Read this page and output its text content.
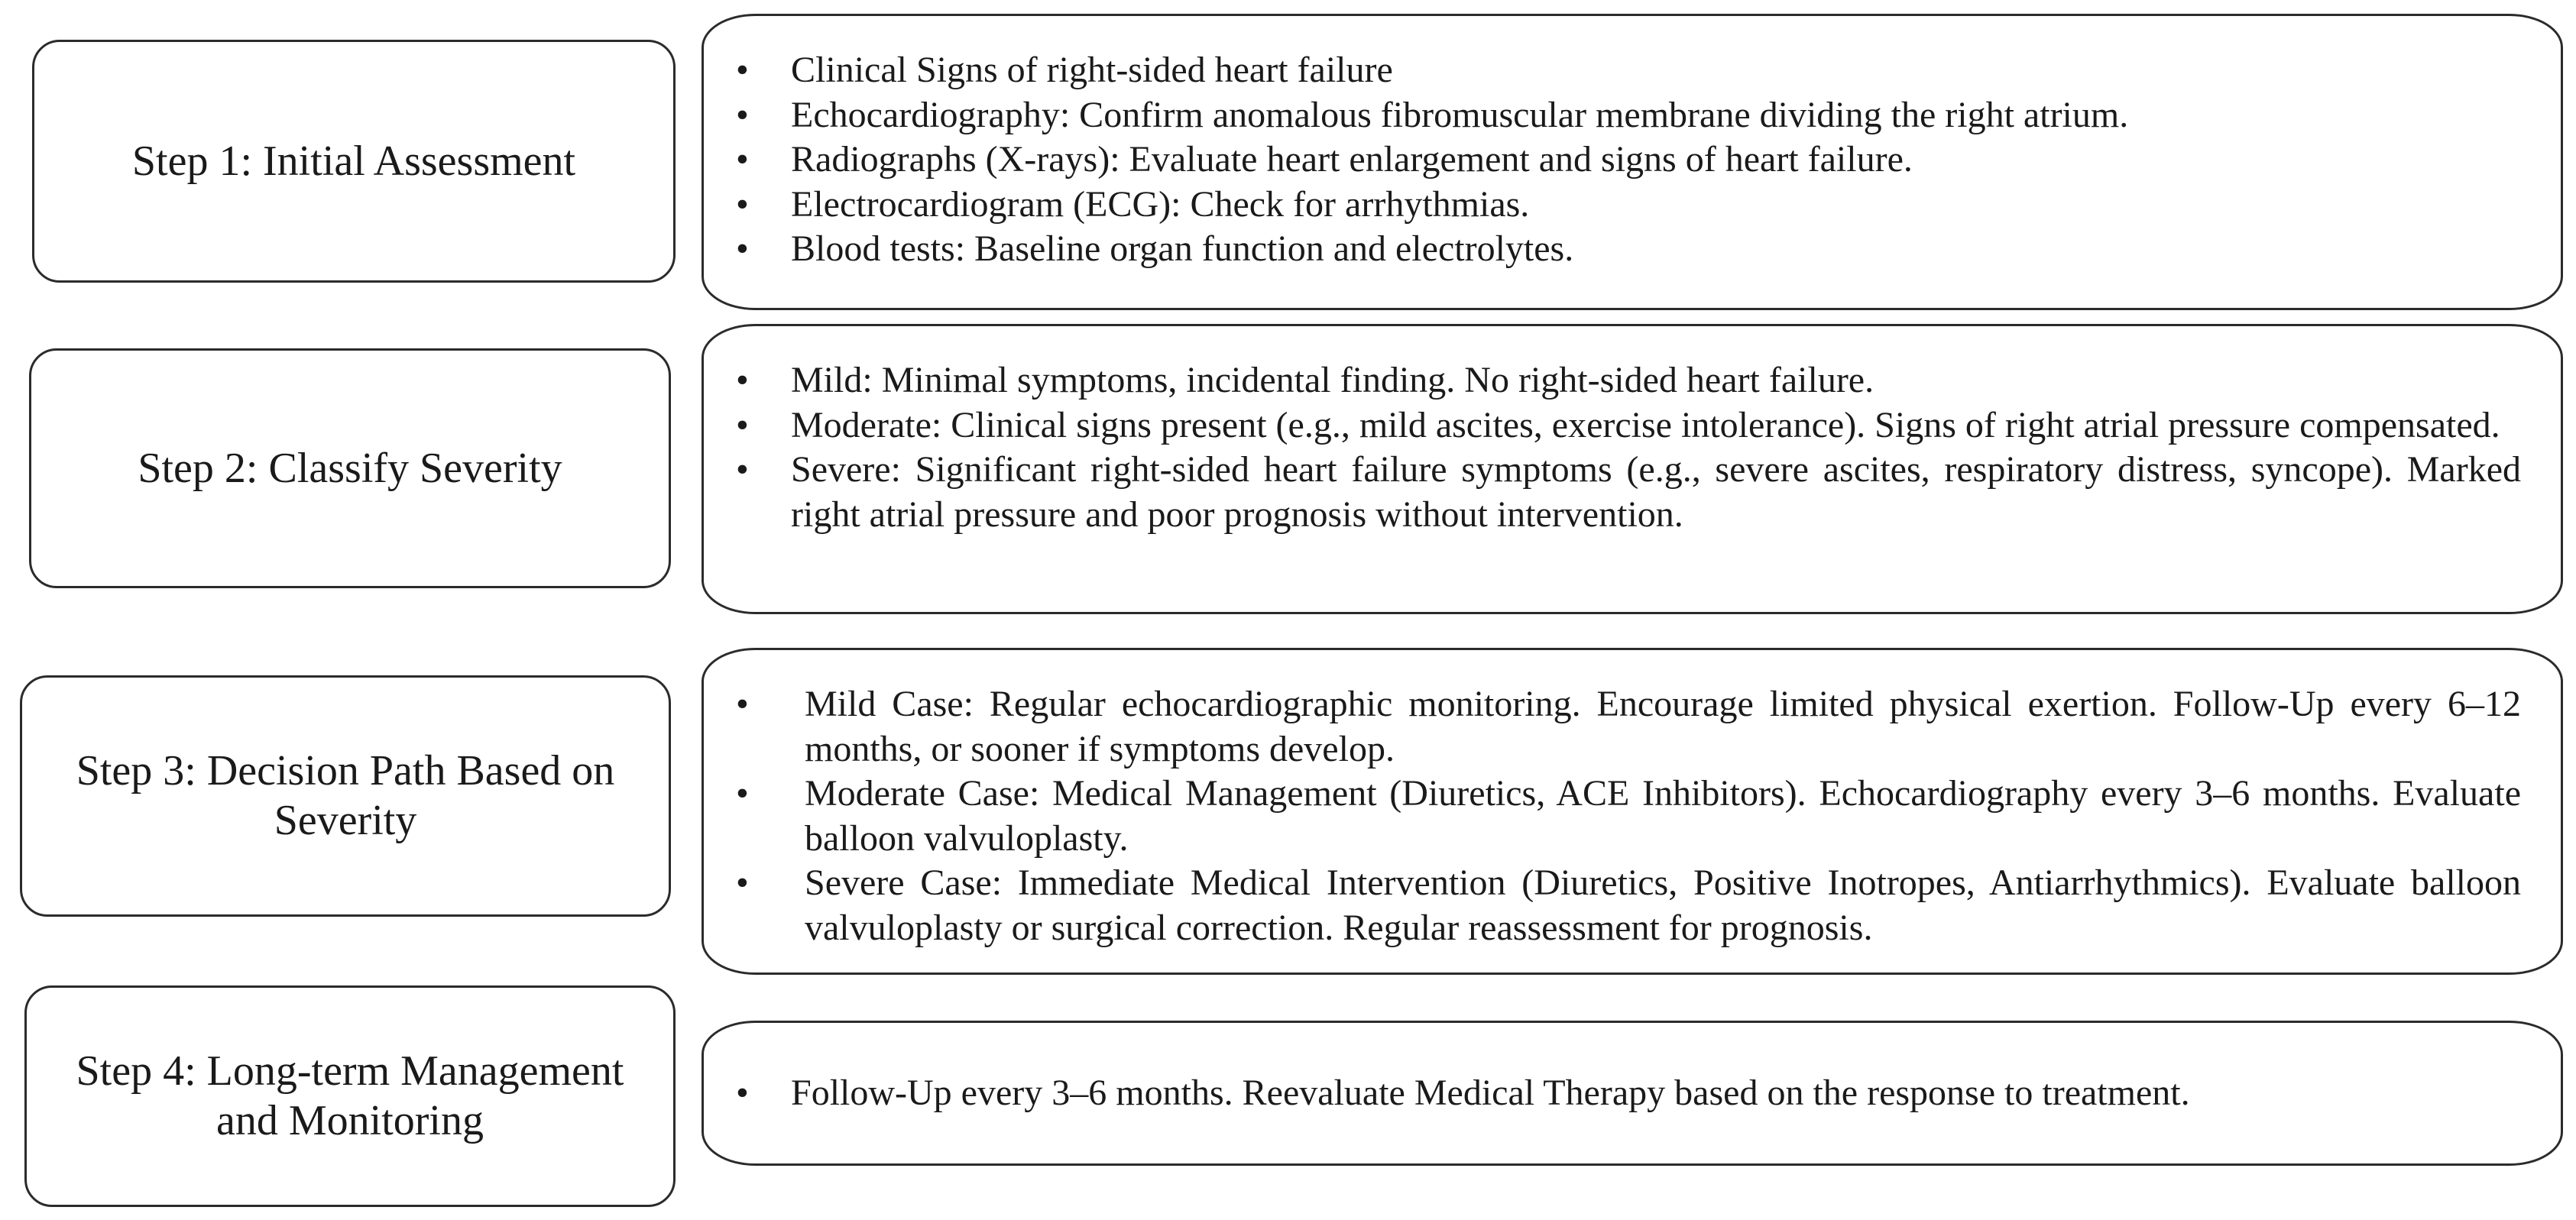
Step 1: Initial Assessment
• Clinical Signs of right-sided heart failure
• Echocardiography: Confirm anomalous fibromuscular membrane dividing the right atrium.
• Radiographs (X-rays): Evaluate heart enlargement and signs of heart failure.
• Electrocardiogram (ECG): Check for arrhythmias.
• Blood tests: Baseline organ function and electrolytes.
Step 2: Classify Severity
• Mild: Minimal symptoms, incidental finding. No right-sided heart failure.
• Moderate: Clinical signs present (e.g., mild ascites, exercise intolerance). Signs of right atrial pressure compensated.
• Severe: Significant right-sided heart failure symptoms (e.g., severe ascites, respiratory distress, syncope). Marked right atrial pressure and poor prognosis without intervention.
Step 3: Decision Path Based on Severity
• Mild Case: Regular echocardiographic monitoring. Encourage limited physical exertion. Follow-Up every 6–12 months, or sooner if symptoms develop.
• Moderate Case: Medical Management (Diuretics, ACE Inhibitors). Echocardiography every 3–6 months. Evaluate balloon valvuloplasty.
• Severe Case: Immediate Medical Intervention (Diuretics, Positive Inotropes, Antiarrhythmics). Evaluate balloon valvuloplasty or surgical correction. Regular reassessment for prognosis.
Step 4: Long-term Management and Monitoring
• Follow-Up every 3–6 months. Reevaluate Medical Therapy based on the response to treatment.
